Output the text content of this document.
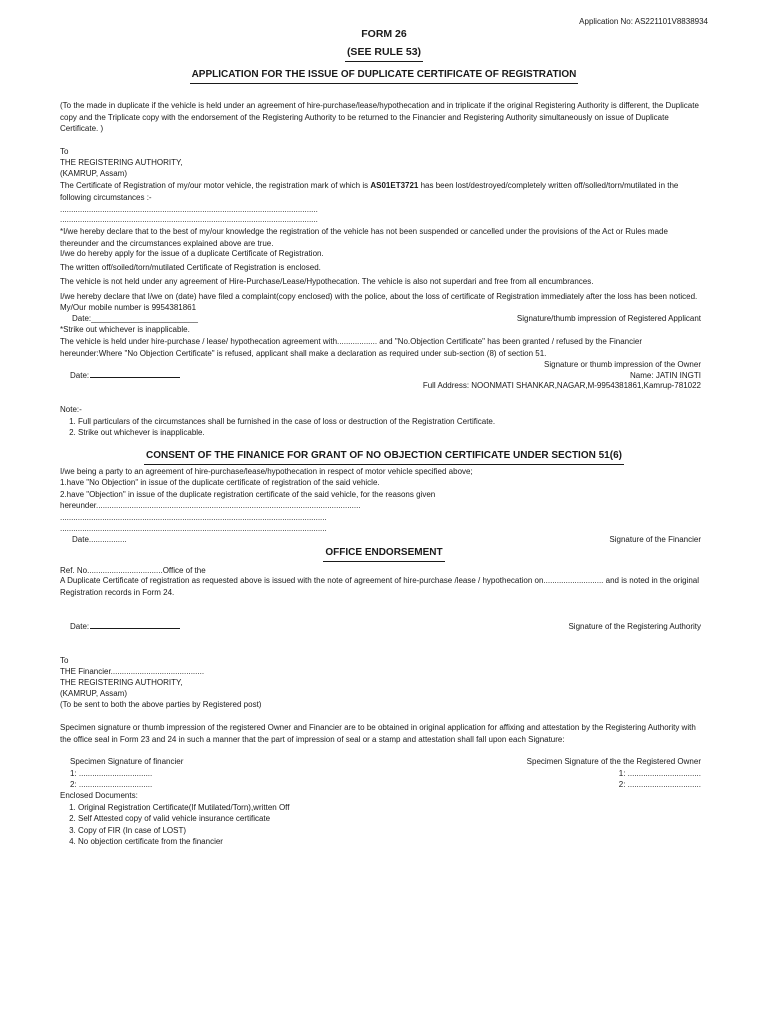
Application No: AS221101V8838934
FORM 26
(SEE RULE 53)
APPLICATION FOR THE ISSUE OF DUPLICATE CERTIFICATE OF REGISTRATION
(To the made in duplicate if the vehicle is held under an agreement of hire-purchase/lease/hypothecation and in triplicate if the original Registering Authority is different, the Duplicate copy and the Triplicate copy with the endorsement of the Registering Authority to be returned to the Financier and Registering Authority simultaneously on issue of Duplicate Certificate. )
To
THE REGISTERING AUTHORITY,
(KAMRUP, Assam)
The Certificate of Registration of my/our motor vehicle, the registration mark of which is AS01ET3721 has been lost/destroyed/completely written off/solled/torn/mutilated in the following circumstances :-
....................................................................................................................
....................................................................................................................
*I/we hereby declare that to the best of my/our knowledge the registration of the vehicle has not been suspended or cancelled under the provisions of the Act or Rules made thereunder and the circumstances explained above are true.
I/we do hereby apply for the issue of a duplicate Certificate of Registration.
The written off/soiled/torn/mutilated Certificate of Registration is enclosed.
The vehicle is not held under any agreement of Hire-Purchase/Lease/Hypothecation. The vehicle is also not superdari and free from all encumbrances.
I/we hereby declare that I/we on (date) have filed a complaint(copy enclosed) with the police, about the loss of certificate of Registration immediately after the loss has been noticed.
My/Our mobile number is 9954381861
Date:________________________	Signature/thumb impression of Registered Applicant
*Strike out whichever is inapplicable.
The vehicle is held under hire-purchase / lease/ hypothecation agreement with.................. and "No.Objection Certificate" has been granted / refused by the Financier hereunder:Where "No Objection Certificate" is refused, applicant shall make a declaration as required under sub-section (8) of section 51.
Signature or thumb impression of the Owner
Date:	Name: JATIN INGTI
Full Address: NOONMATI SHANKAR,NAGAR,M-9954381861,Kamrup-781022
Note:-
1. Full particulars of the circumstances shall be furnished in the case of loss or destruction of the Registration Certificate.
2. Strike out whichever is inapplicable.
CONSENT OF THE FINANICE FOR GRANT OF NO OBJECTION CERTIFICATE UNDER SECTION 51(6)
I/we being a party to an agreement of hire-purchase/lease/hypothecation in respect of motor vehicle specified above;
1.have "No Objection" in issue of the duplicate certificate of registration of the said vehicle.
2.have "Objection" in issue of the duplicate registration certificate of the said vehicle, for the reasons given
hereunder.......................................................................................................................
........................................................................................................................
........................................................................................................................
Date.................	Signature of the Financier
OFFICE ENDORSEMENT
Ref. No..................................Office of the
A Duplicate Certificate of registration as requested above is issued with the note of agreement of hire-purchase /lease / hypothecation on........................... and is noted in the original Registration records in Form 24.
Date:	Signature of the Registering Authority
To
THE Financier..........................................
THE REGISTERING AUTHORITY,
(KAMRUP, Assam)
(To be sent to both the above parties by Registered post)
Specimen signature or thumb impression of the registered Owner and Financier are to be obtained in original application for affixing and attestation by the Registering Authority with the office seal in Form 23 and 24 in such a manner that the part of impression of seal or a stamp and attestation shall fall upon each Signature:
Specimen Signature of financier	Specimen Signature of the the Registered Owner
1: .................................	1: .................................
2: .................................	2: .................................
Enclosed Documents:
1. Original Registration Certificate(If Mutilated/Torn),written Off
2. Self Attested copy of valid vehicle insurance certificate
3. Copy of FIR (In case of LOST)
4. No objection certificate from the financier
